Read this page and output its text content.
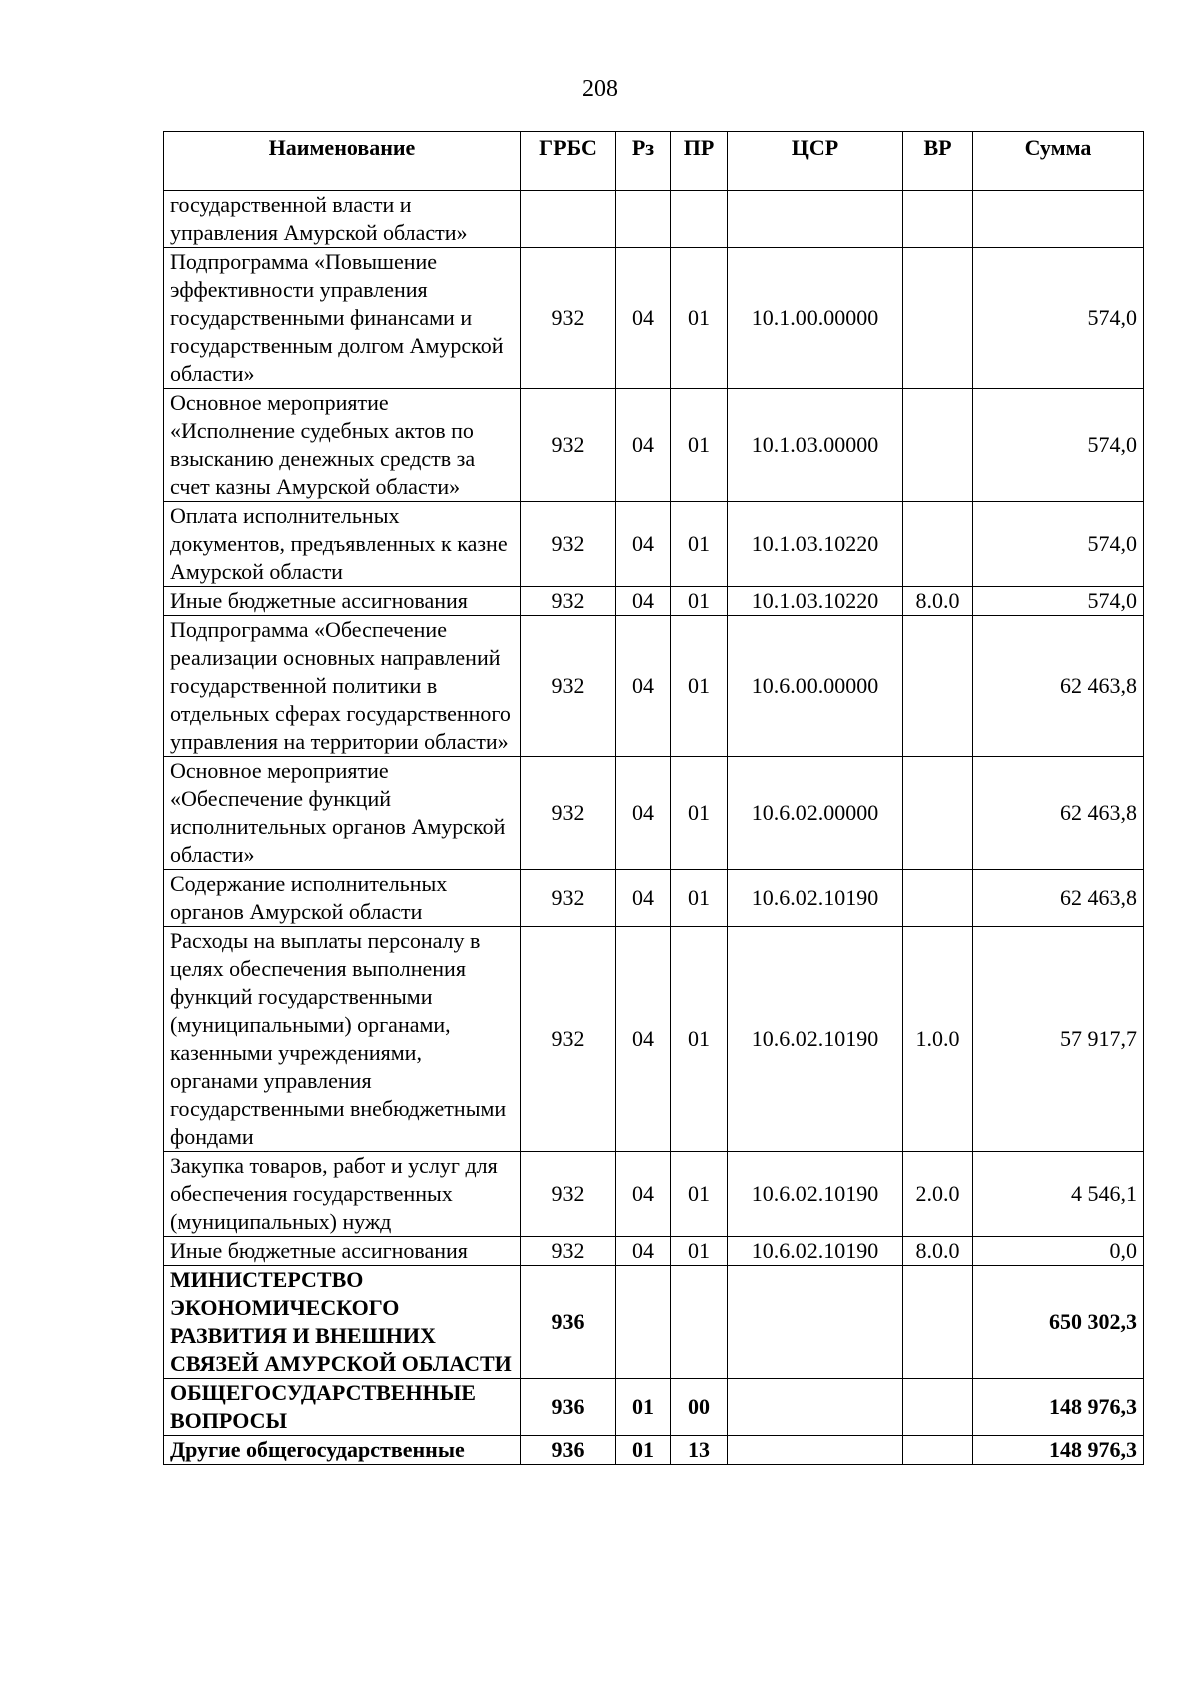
208
Наименование	ГРБС	Рз	ПР	ЦСР	ВР	Сумма
государственной власти и управления Амурской области»						
Подпрограмма «Повышение эффективности управления государственными финансами и государственным долгом Амурской области»	932	04	01	10.1.00.00000		574,0
Основное мероприятие «Исполнение судебных актов по взысканию денежных средств за счет казны Амурской области»	932	04	01	10.1.03.00000		574,0
Оплата исполнительных документов, предъявленных к казне Амурской области	932	04	01	10.1.03.10220		574,0
Иные бюджетные ассигнования	932	04	01	10.1.03.10220	8.0.0	574,0
Подпрограмма «Обеспечение реализации основных направлений государственной политики в отдельных сферах государственного управления на территории области»	932	04	01	10.6.00.00000		62 463,8
Основное мероприятие «Обеспечение функций исполнительных органов Амурской области»	932	04	01	10.6.02.00000		62 463,8
Содержание исполнительных органов Амурской области	932	04	01	10.6.02.10190		62 463,8
Расходы на выплаты персоналу в целях обеспечения выполнения функций государственными (муниципальными) органами, казенными учреждениями, органами управления государственными внебюджетными фондами	932	04	01	10.6.02.10190	1.0.0	57 917,7
Закупка товаров, работ и услуг для обеспечения государственных (муниципальных) нужд	932	04	01	10.6.02.10190	2.0.0	4 546,1
Иные бюджетные ассигнования	932	04	01	10.6.02.10190	8.0.0	0,0
МИНИСТЕРСТВО ЭКОНОМИЧЕСКОГО РАЗВИТИЯ И ВНЕШНИХ СВЯЗЕЙ АМУРСКОЙ ОБЛАСТИ	936					650 302,3
ОБЩЕГОСУДАРСТВЕННЫЕ ВОПРОСЫ	936	01	00			148 976,3
Другие общегосударственные	936	01	13			148 976,3
